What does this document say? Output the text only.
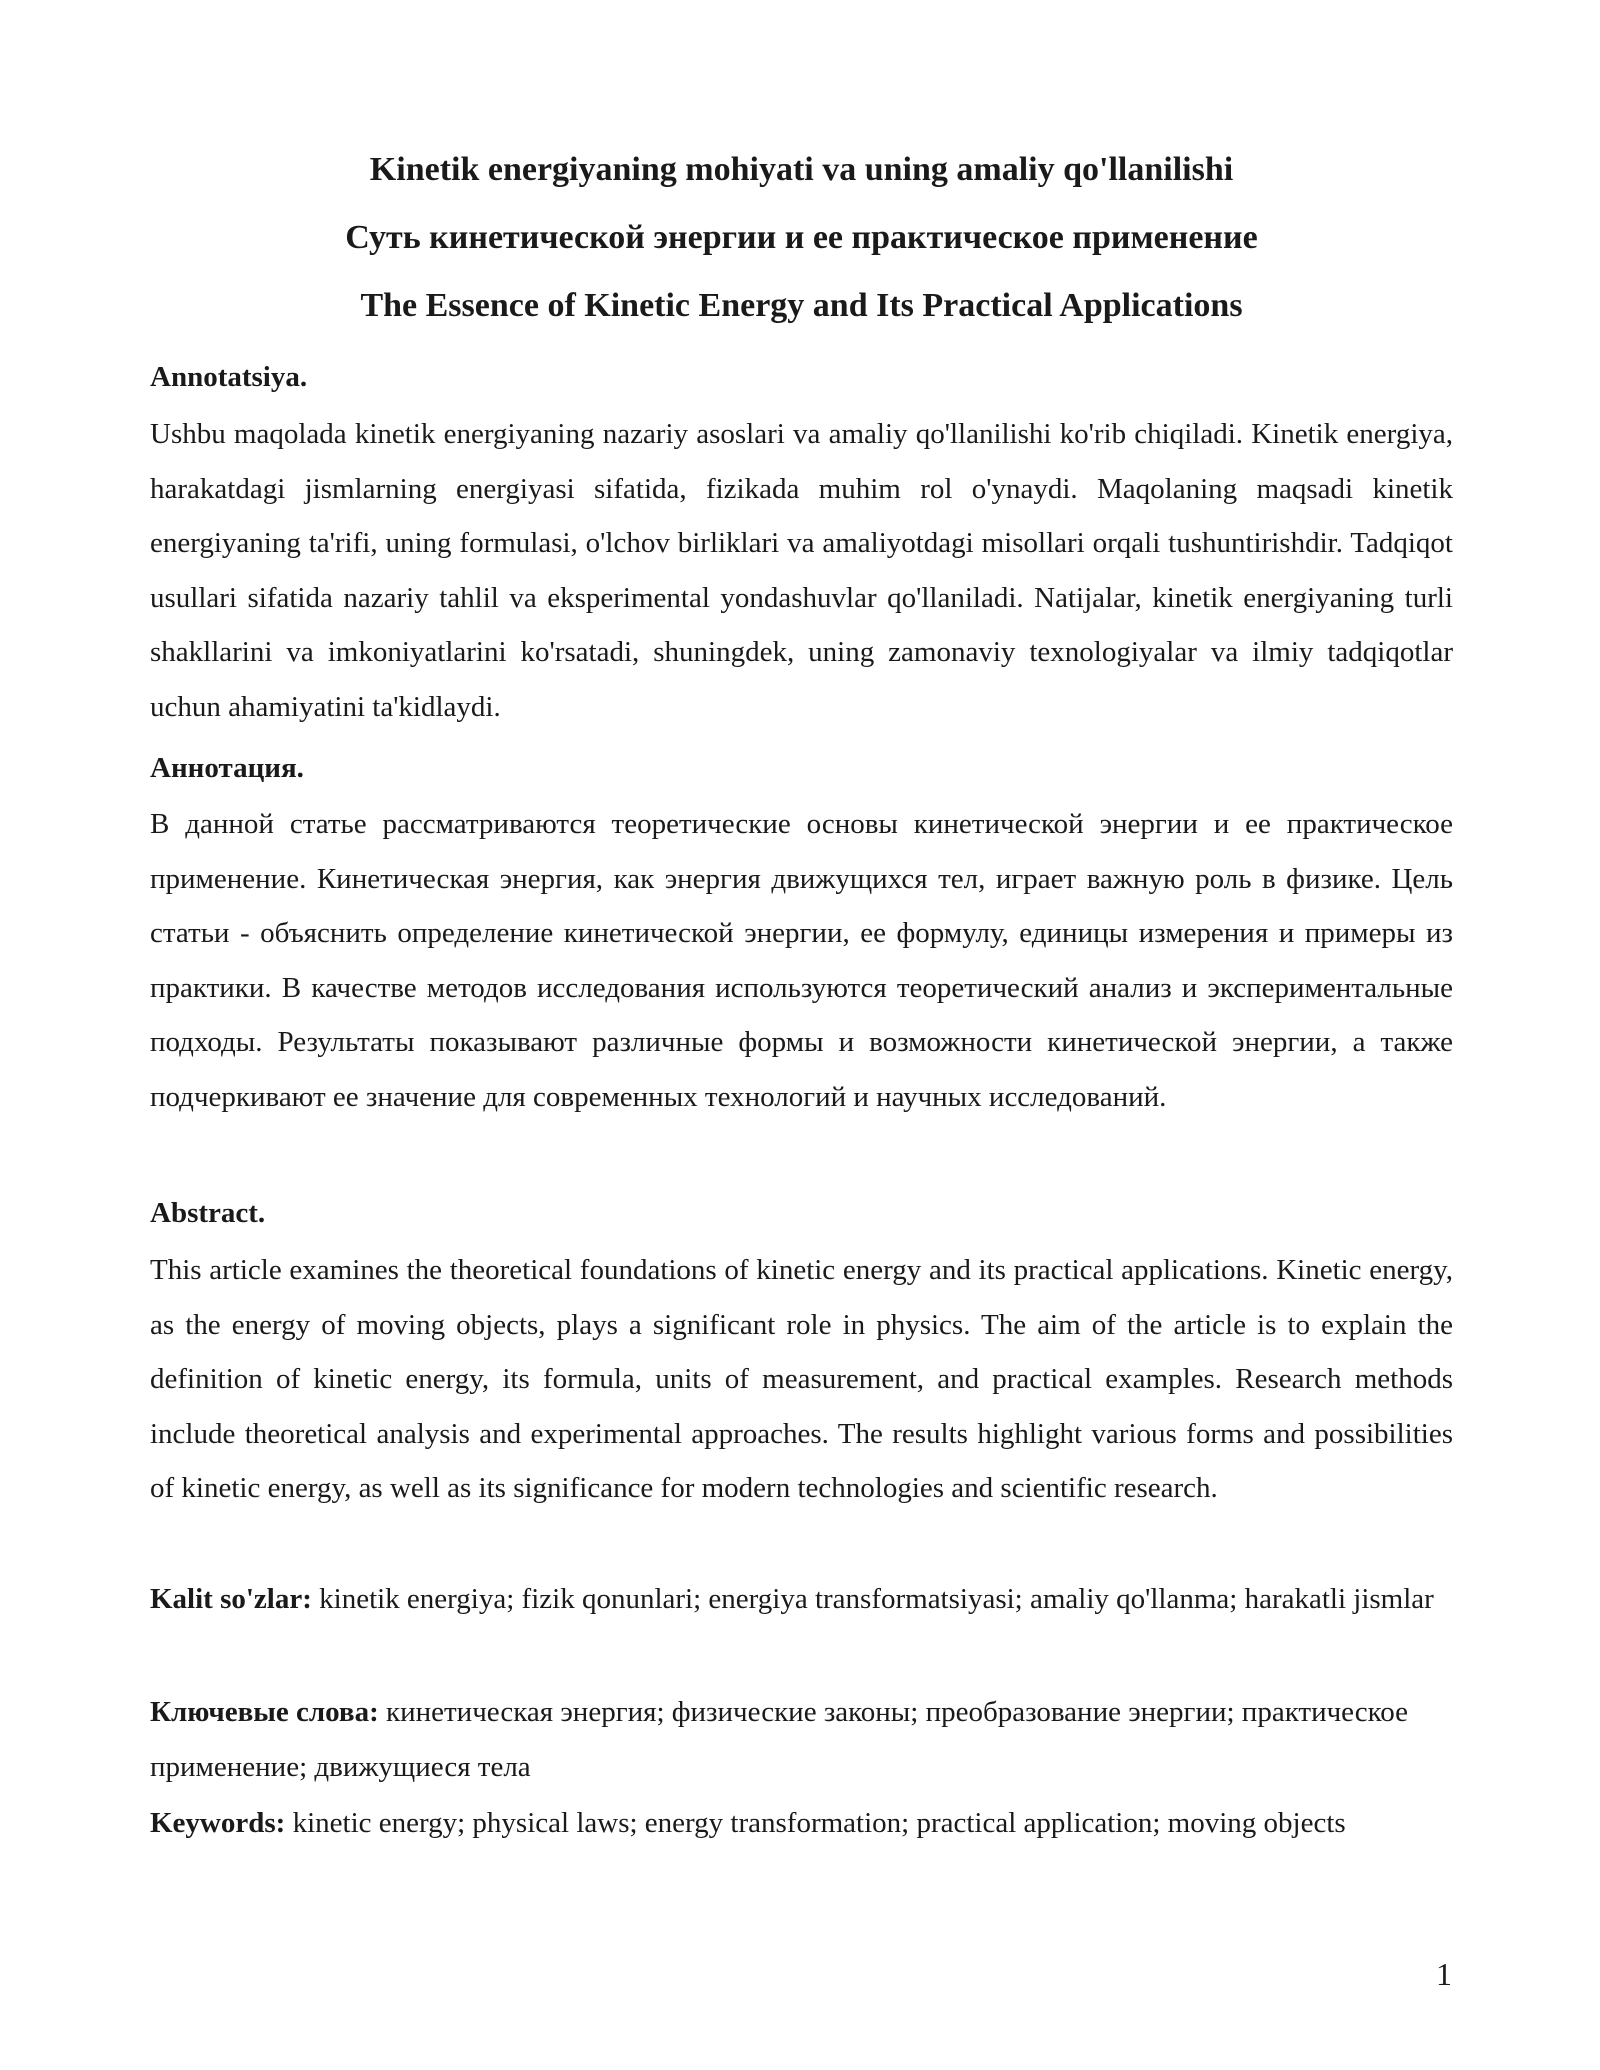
Kinetik energiyaning mohiyati va uning amaliy qo'llanilishi
Суть кинетической энергии и ее практическое применение
The Essence of Kinetic Energy and Its Practical Applications
Annotatsiya.

Ushbu maqolada kinetik energiyaning nazariy asoslari va amaliy qo'llanilishi ko'rib chiqiladi. Kinetik energiya, harakatdagi jismlarning energiyasi sifatida, fizikada muhim rol o'ynaydi. Maqolaning maqsadi kinetik energiyaning ta'rifi, uning formulasi, o'lchov birliklari va amaliyotdagi misollari orqali tushuntirishdir. Tadqiqot usullari sifatida nazariy tahlil va eksperimental yondashuvlar qo'llaniladi. Natijalar, kinetik energiyaning turli shakllarini va imkoniyatlarini ko'rsatadi, shuningdek, uning zamonaviy texnologiyalar va ilmiy tadqiqotlar uchun ahamiyatini ta'kidlaydi.

Аннотация.

В данной статье рассматриваются теоретические основы кинетической энергии и ее практическое применение. Кинетическая энергия, как энергия движущихся тел, играет важную роль в физике. Цель статьи - объяснить определение кинетической энергии, ее формулу, единицы измерения и примеры из практики. В качестве методов исследования используются теоретический анализ и экспериментальные подходы. Результаты показывают различные формы и возможности кинетической энергии, а также подчеркивают ее значение для современных технологий и научных исследований.

Abstract.

This article examines the theoretical foundations of kinetic energy and its practical applications. Kinetic energy, as the energy of moving objects, plays a significant role in physics. The aim of the article is to explain the definition of kinetic energy, its formula, units of measurement, and practical examples. Research methods include theoretical analysis and experimental approaches. The results highlight various forms and possibilities of kinetic energy, as well as its significance for modern technologies and scientific research.

Kalit so'zlar: kinetik energiya; fizik qonunlari; energiya transformatsiyasi; amaliy qo'llanma; harakatli jismlar

Ключевые слова: кинетическая энергия; физические законы; преобразование энергии; практическое применение; движущиеся тела

Keywords: kinetic energy; physical laws; energy transformation; practical application; moving objects

1
